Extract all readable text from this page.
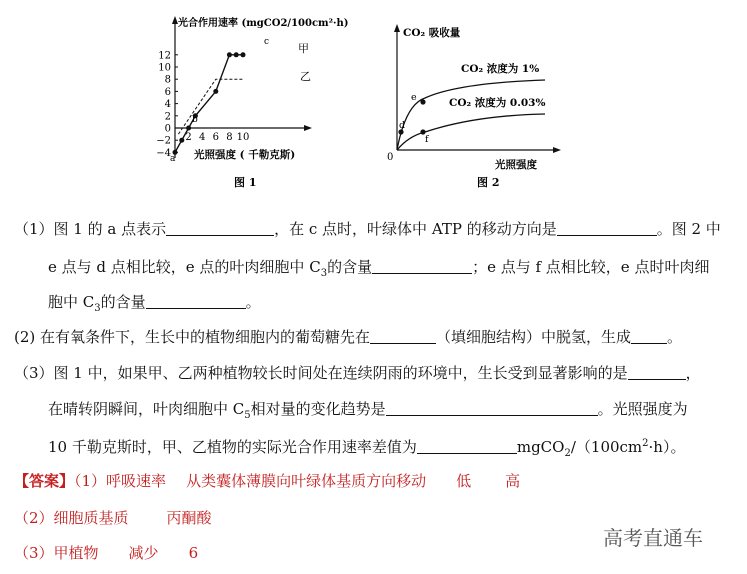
光合作用速率 (mgCO2/100cm²·h)
12
10
8
6
4
2
0
−2
−4
2 4 6 8 10
甲
乙
a
b
c
光照强度 ( 千勒克斯)
图 1
CO₂ 吸收量
d
e
f
CO₂ 浓度为 1%
CO₂ 浓度为 0.03%
0
光照强度
图 2
（1）图 1 的 a 点表示	，在 c 点时，叶绿体中 ATP 的移动方向是	。图 2 中
e 点与 d 点相比较，e 点的叶肉细胞中 $C_3$的含量	；e 点与 f 点相比较，e 点时叶肉细
胞中 $C_3$的含量	。
(2) 在有氧条件下，生长中的植物细胞内的葡萄糖先在	（填细胞结构）中脱氢，生成 。
（3）图 1 中，如果甲、乙两种植物较长时间处在连续阴雨的环境中，生长受到显著影响的是	，
在晴转阴瞬间，叶肉细胞中 $C_5$相对量的变化趋势是	。光照强度为
10 千勒克斯时，甲、乙植物的实际光合作用速率差值为	$mgCO_2/(100cm^2\cdot h)$。
【答案】（1）呼吸速率 从类囊体薄膜向叶绿体基质方向移动 低 高
（2）细胞质基质	丙酮酸
（3）甲植物 减少 6
高考直通车
